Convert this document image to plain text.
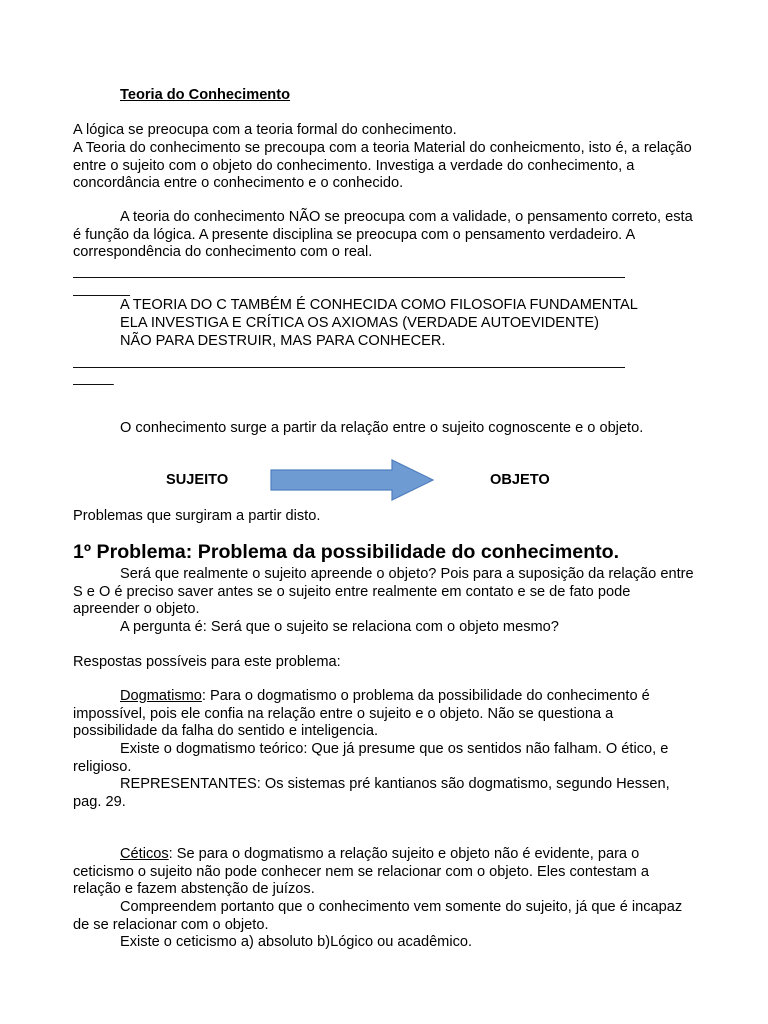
Teoria do Conhecimento

A lógica se preocupa com a teoria formal do conhecimento.

A Teoria do conhecimento se precoupa com a teoria Material do conheicmento, isto é, a relação entre o sujeito com o objeto do conhecimento. Investiga a verdade do conhecimento, a concordância entre o conhecimento e o conhecido.

A teoria do conhecimento NÃO se preocupa com a validade, o pensamento correto, esta é função da lógica. A presente disciplina se preocupa com o pensamento verdadeiro. A correspondência do conhecimento com o real.

____________________________________________________________________

_______

A TEORIA DO C TAMBÉM É CONHECIDA COMO FILOSOFIA FUNDAMENTAL

ELA INVESTIGA E CRÍTICA OS AXIOMAS (VERDADE AUTOEVIDENTE)

NÃO PARA DESTRUIR, MAS PARA CONHECER.

____________________________________________________________________

_____

O conhecimento surge a partir da relação entre o sujeito cognoscente e o objeto.

SUJEITO	OBJETO

Problemas que surgiram a partir disto.

1º Problema: Problema da possibilidade do conhecimento.

Será que realmente o sujeito apreende o objeto? Pois para a suposição da relação entre S e O é preciso saver antes se o sujeito entre realmente em contato e se de fato pode apreender o objeto.

A pergunta é: Será que o sujeito se relaciona com o objeto mesmo?

Respostas possíveis para este problema:

Dogmatismo: Para o dogmatismo o problema da possibilidade do conhecimento é impossível, pois ele confia na relação entre o sujeito e o objeto. Não se questiona a possibilidade da falha do sentido e inteligencia.

Existe o dogmatismo teórico: Que já presume que os sentidos não falham. O ético, e religioso.

REPRESENTANTES: Os sistemas pré kantianos são dogmatismo, segundo Hessen, pag. 29.

Céticos: Se para o dogmatismo a relação sujeito e objeto não é evidente, para o ceticismo o sujeito não pode conhecer nem se relacionar com o objeto. Eles contestam a relação e fazem abstenção de juízos.

Compreendem portanto que o conhecimento vem somente do sujeito, já que é incapaz de se relacionar com o objeto.

Existe o ceticismo a) absoluto b)Lógico ou acadêmico.
